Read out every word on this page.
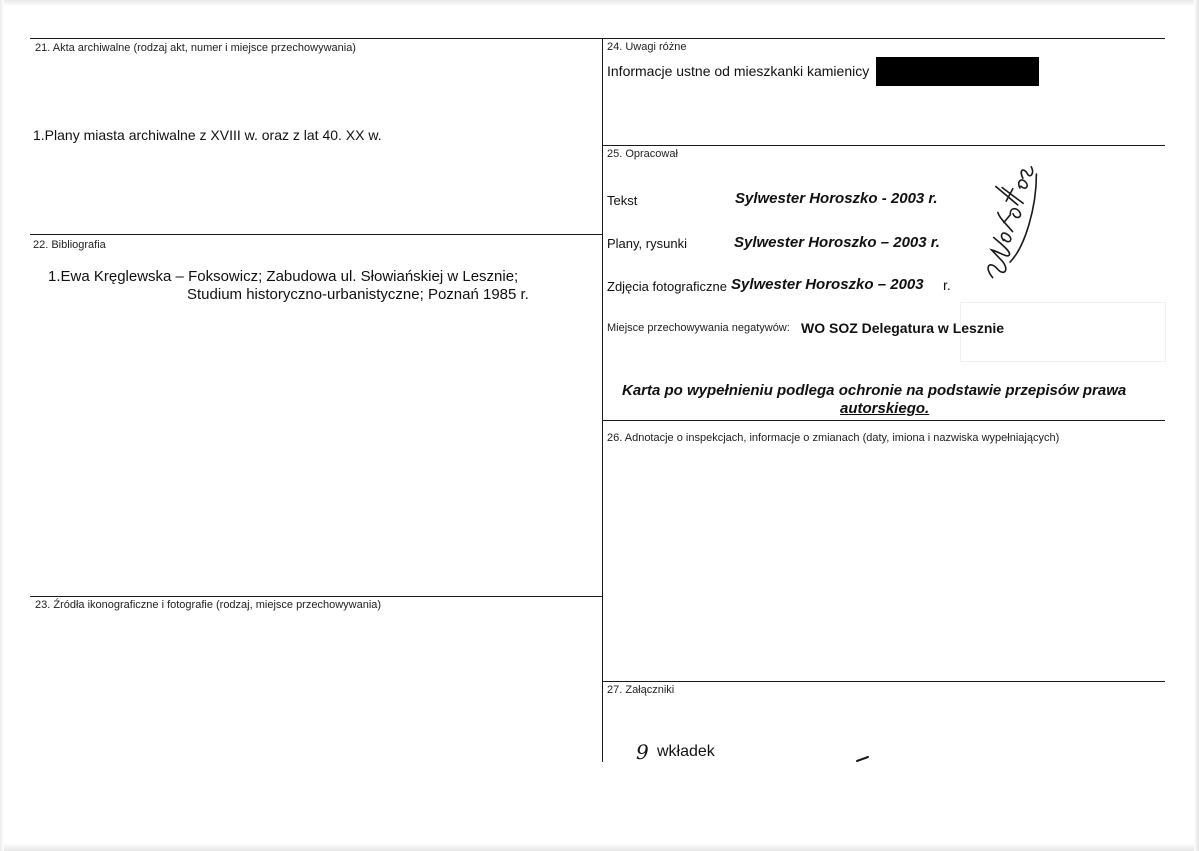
21. Akta archiwalne (rodzaj akt, numer i miejsce przechowywania)
1.Plany miasta archiwalne z XVIII w. oraz z lat 40. XX w.
22. Bibliografia
1.Ewa Kręglewska – Foksowicz; Zabudowa ul. Słowiańskiej w Lesznie;
Studium historyczno-urbanistyczne; Poznań 1985 r.
23. Źródła ikonograficzne i fotografie (rodzaj, miejsce przechowywania)
24. Uwagi różne
Informacje ustne od mieszkanki kamienicy
25. Opracował
Tekst	Sylwester Horoszko - 2003 r.
Plany, rysunki	Sylwester Horoszko – 2003 r.
Zdjęcia fotograficzne Sylwester Horoszko – 2003 r.
Miejsce przechowywania negatywów: WO SOZ Delegatura w Lesznie
Karta po wypełnieniu podlega ochronie na podstawie przepisów prawa
autorskiego.
26. Adnotacje o inspekcjach, informacje o zmianach (daty, imiona i nazwiska wypełniających)
27. Załączniki
9 wkładek
